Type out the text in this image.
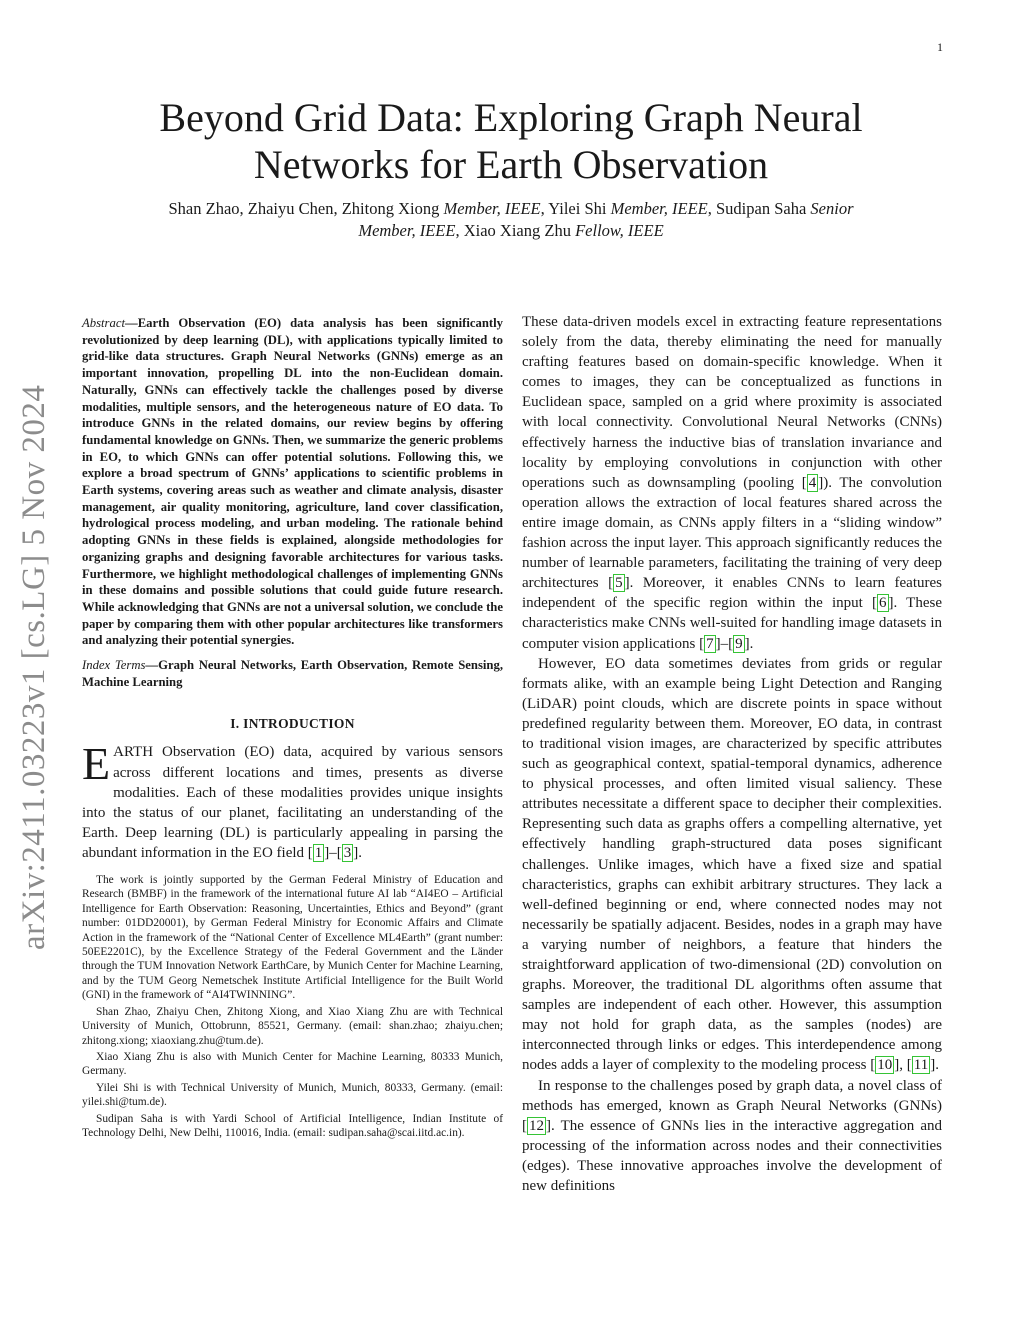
1
arXiv:2411.03223v1 [cs.LG] 5 Nov 2024
Beyond Grid Data: Exploring Graph Neural
Networks for Earth Observation
Shan Zhao, Zhaiyu Chen, Zhitong Xiong Member, IEEE, Yilei Shi Member, IEEE, Sudipan Saha Senior
Member, IEEE, Xiao Xiang Zhu Fellow, IEEE

Abstract—Earth Observation (EO) data analysis has been significantly revolutionized by deep learning (DL), with applications typically limited to grid-like data structures. Graph Neural Networks (GNNs) emerge as an important innovation, propelling DL into the non-Euclidean domain. Naturally, GNNs can effectively tackle the challenges posed by diverse modalities, multiple sensors, and the heterogeneous nature of EO data. To introduce GNNs in the related domains, our review begins by offering fundamental knowledge on GNNs. Then, we summarize the generic problems in EO, to which GNNs can offer potential solutions. Following this, we explore a broad spectrum of GNNs’ applications to scientific problems in Earth systems, covering areas such as weather and climate analysis, disaster management, air quality monitoring, agriculture, land cover classification, hydrological process modeling, and urban modeling. The rationale behind adopting GNNs in these fields is explained, alongside methodologies for organizing graphs and designing favorable architectures for various tasks. Furthermore, we highlight methodological challenges of implementing GNNs in these domains and possible solutions that could guide future research. While acknowledging that GNNs are not a universal solution, we conclude the paper by comparing them with other popular architectures like transformers and analyzing their potential synergies.

Index Terms—Graph Neural Networks, Earth Observation, Remote Sensing, Machine Learning

I. INTRODUCTION

EARTH Observation (EO) data, acquired by various sensors across different locations and times, presents as diverse modalities. Each of these modalities provides unique insights into the status of our planet, facilitating an understanding of the Earth. Deep learning (DL) is particularly appealing in parsing the abundant information in the EO field [ 1 ]–[ 3 ].

The work is jointly supported by the German Federal Ministry of Education and Research (BMBF) in the framework of the international future AI lab “AI4EO – Artificial Intelligence for Earth Observation: Reasoning, Uncertainties, Ethics and Beyond” (grant number: 01DD20001), by German Federal Ministry for Economic Affairs and Climate Action in the framework of the “National Center of Excellence ML4Earth” (grant number: 50EE2201C), by the Excellence Strategy of the Federal Government and the Länder through the TUM Innovation Network EarthCare, by Munich Center for Machine Learning, and by the TUM Georg Nemetschek Institute Artificial Intelligence for the Built World (GNI) in the framework of “AI4TWINNING”.

Shan Zhao, Zhaiyu Chen, Zhitong Xiong, and Xiao Xiang Zhu are with Technical University of Munich, Ottobrunn, 85521, Germany. (email: shan.zhao; zhaiyu.chen; zhitong.xiong; xiaoxiang.zhu@tum.de).

Xiao Xiang Zhu is also with Munich Center for Machine Learning, 80333 Munich, Germany.

Yilei Shi is with Technical University of Munich, Munich, 80333, Germany. (email: yilei.shi@tum.de).

Sudipan Saha is with Yardi School of Artificial Intelligence, Indian Institute of Technology Delhi, New Delhi, 110016, India. (email: sudipan.saha@scai.iitd.ac.in).

These data-driven models excel in extracting feature representations solely from the data, thereby eliminating the need for manually crafting features based on domain-specific knowledge. When it comes to images, they can be conceptualized as functions in Euclidean space, sampled on a grid where proximity is associated with local connectivity. Convolutional Neural Networks (CNNs) effectively harness the inductive bias of translation invariance and locality by employing convolutions in conjunction with other operations such as downsampling (pooling [ 4 ]). The convolution operation allows the extraction of local features shared across the entire image domain, as CNNs apply filters in a “sliding window” fashion across the input layer. This approach significantly reduces the number of learnable parameters, facilitating the training of very deep architectures [ 5 ]. Moreover, it enables CNNs to learn features independent of the specific region within the input [ 6 ]. These characteristics make CNNs well-suited for handling image datasets in computer vision applications [ 7 ]–[ 9 ].

However, EO data sometimes deviates from grids or regular formats alike, with an example being Light Detection and Ranging (LiDAR) point clouds, which are discrete points in space without predefined regularity between them. Moreover, EO data, in contrast to traditional vision images, are characterized by specific attributes such as geographical context, spatial-temporal dynamics, adherence to physical processes, and often limited visual saliency. These attributes necessitate a different space to decipher their complexities. Representing such data as graphs offers a compelling alternative, yet effectively handling graph-structured data poses significant challenges. Unlike images, which have a fixed size and spatial characteristics, graphs can exhibit arbitrary structures. They lack a well-defined beginning or end, where connected nodes may not necessarily be spatially adjacent. Besides, nodes in a graph may have a varying number of neighbors, a feature that hinders the straightforward application of two-dimensional (2D) convolution on graphs. Moreover, the traditional DL algorithms often assume that samples are independent of each other. However, this assumption may not hold for graph data, as the samples (nodes) are interconnected through links or edges. This interdependence among nodes adds a layer of complexity to the modeling process [ 10 ], [ 11 ].

In response to the challenges posed by graph data, a novel class of methods has emerged, known as Graph Neural Networks (GNNs) [ 12 ]. The essence of GNNs lies in the interactive aggregation and processing of the information across nodes and their connectivities (edges). These innovative approaches involve the development of new definitions
